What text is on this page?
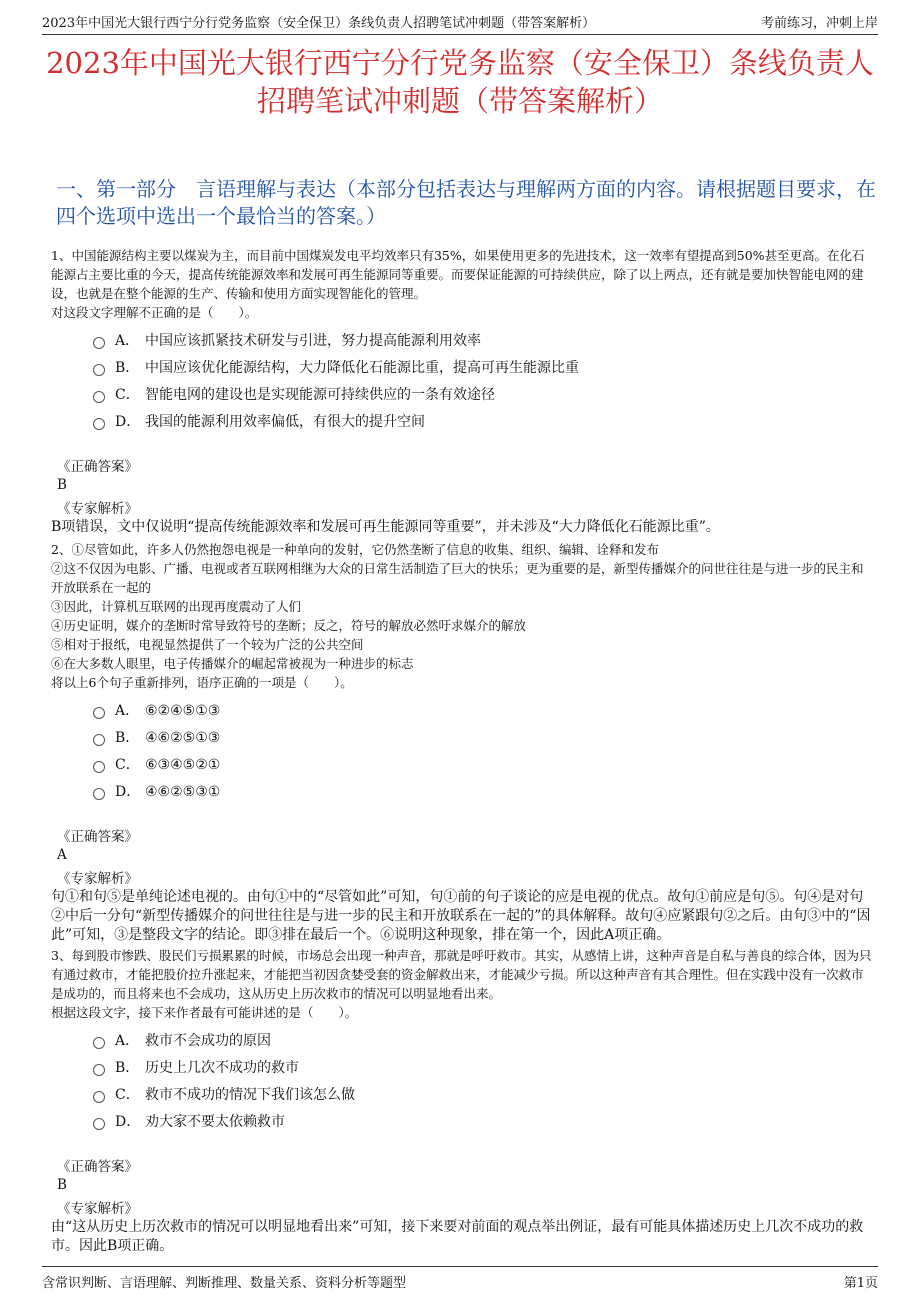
2023年中国光大银行西宁分行党务监察（安全保卫）条线负责人招聘笔试冲刺题（带答案解析）	考前练习，冲刺上岸
2023年中国光大银行西宁分行党务监察（安全保卫）条线负责人招聘笔试冲刺题（带答案解析）
一、第一部分　言语理解与表达（本部分包括表达与理解两方面的内容。请根据题目要求，在四个选项中选出一个最恰当的答案。）

1、中国能源结构主要以煤炭为主，而目前中国煤炭发电平均效率只有35%，如果使用更多的先进技术，这一效率有望提高到50%甚至更高。在化石能源占主要比重的今天，提高传统能源效率和发展可再生能源同等重要。而要保证能源的可持续供应，除了以上两点，还有就是要加快智能电网的建设，也就是在整个能源的生产、传输和使用方面实现智能化的管理。

对这段文字理解不正确的是（　　）。

A． 中国应该抓紧技术研发与引进，努力提高能源利用效率
B． 中国应该优化能源结构，大力降低化石能源比重，提高可再生能源比重
C． 智能电网的建设也是实现能源可持续供应的一条有效途径
D． 我国的能源利用效率偏低，有很大的提升空间
《正确答案》
B
《专家解析》
B项错误，文中仅说明“提高传统能源效率和发展可再生能源同等重要”，并未涉及“大力降低化石能源比重”。

2、①尽管如此，许多人仍然抱怨电视是一种单向的发射，它仍然垄断了信息的收集、组织、编辑、诠释和发布

②这不仅因为电影、广播、电视或者互联网相继为大众的日常生活制造了巨大的快乐；更为重要的是，新型传播媒介的问世往往是与进一步的民主和开放联系在一起的

③因此，计算机互联网的出现再度震动了人们

④历史证明，媒介的垄断时常导致符号的垄断；反之，符号的解放必然吁求媒介的解放

⑤相对于报纸，电视显然提供了一个较为广泛的公共空间

⑥在大多数人眼里，电子传播媒介的崛起常被视为一种进步的标志

将以上6个句子重新排列，语序正确的一项是（　　）。

A． ⑥②④⑤①③
B． ④⑥②⑤①③
C． ⑥③④⑤②①
D． ④⑥②⑤③①
《正确答案》
A
《专家解析》
句①和句⑤是单纯论述电视的。由句①中的“尽管如此”可知，句①前的句子谈论的应是电视的优点。故句①前应是句⑤。句④是对句②中后一分句“新型传播媒介的问世往往是与进一步的民主和开放联系在一起的”的具体解释。故句④应紧跟句②之后。由句③中的“因此”可知，③是整段文字的结论。即③排在最后一个。⑥说明这种现象，排在第一个，因此A项正确。

3、每到股市惨跌、股民们亏损累累的时候，市场总会出现一种声音，那就是呼吁救市。其实，从感情上讲，这种声音是自私与善良的综合体，因为只有通过救市，才能把股价拉升涨起来，才能把当初因贪婪受套的资金解救出来，才能减少亏损。所以这种声音有其合理性。但在实践中没有一次救市是成功的，而且将来也不会成功，这从历史上历次救市的情况可以明显地看出来。

根据这段文字，接下来作者最有可能讲述的是（　　）。

A． 救市不会成功的原因
B． 历史上几次不成功的救市
C． 救市不成功的情况下我们该怎么做
D． 劝大家不要太依赖救市
《正确答案》
B
《专家解析》
由“这从历史上历次救市的情况可以明显地看出来”可知，接下来要对前面的观点举出例证，最有可能具体描述历史上几次不成功的救市。因此B项正确。
含常识判断、言语理解、判断推理、数量关系、资料分析等题型	第1页
